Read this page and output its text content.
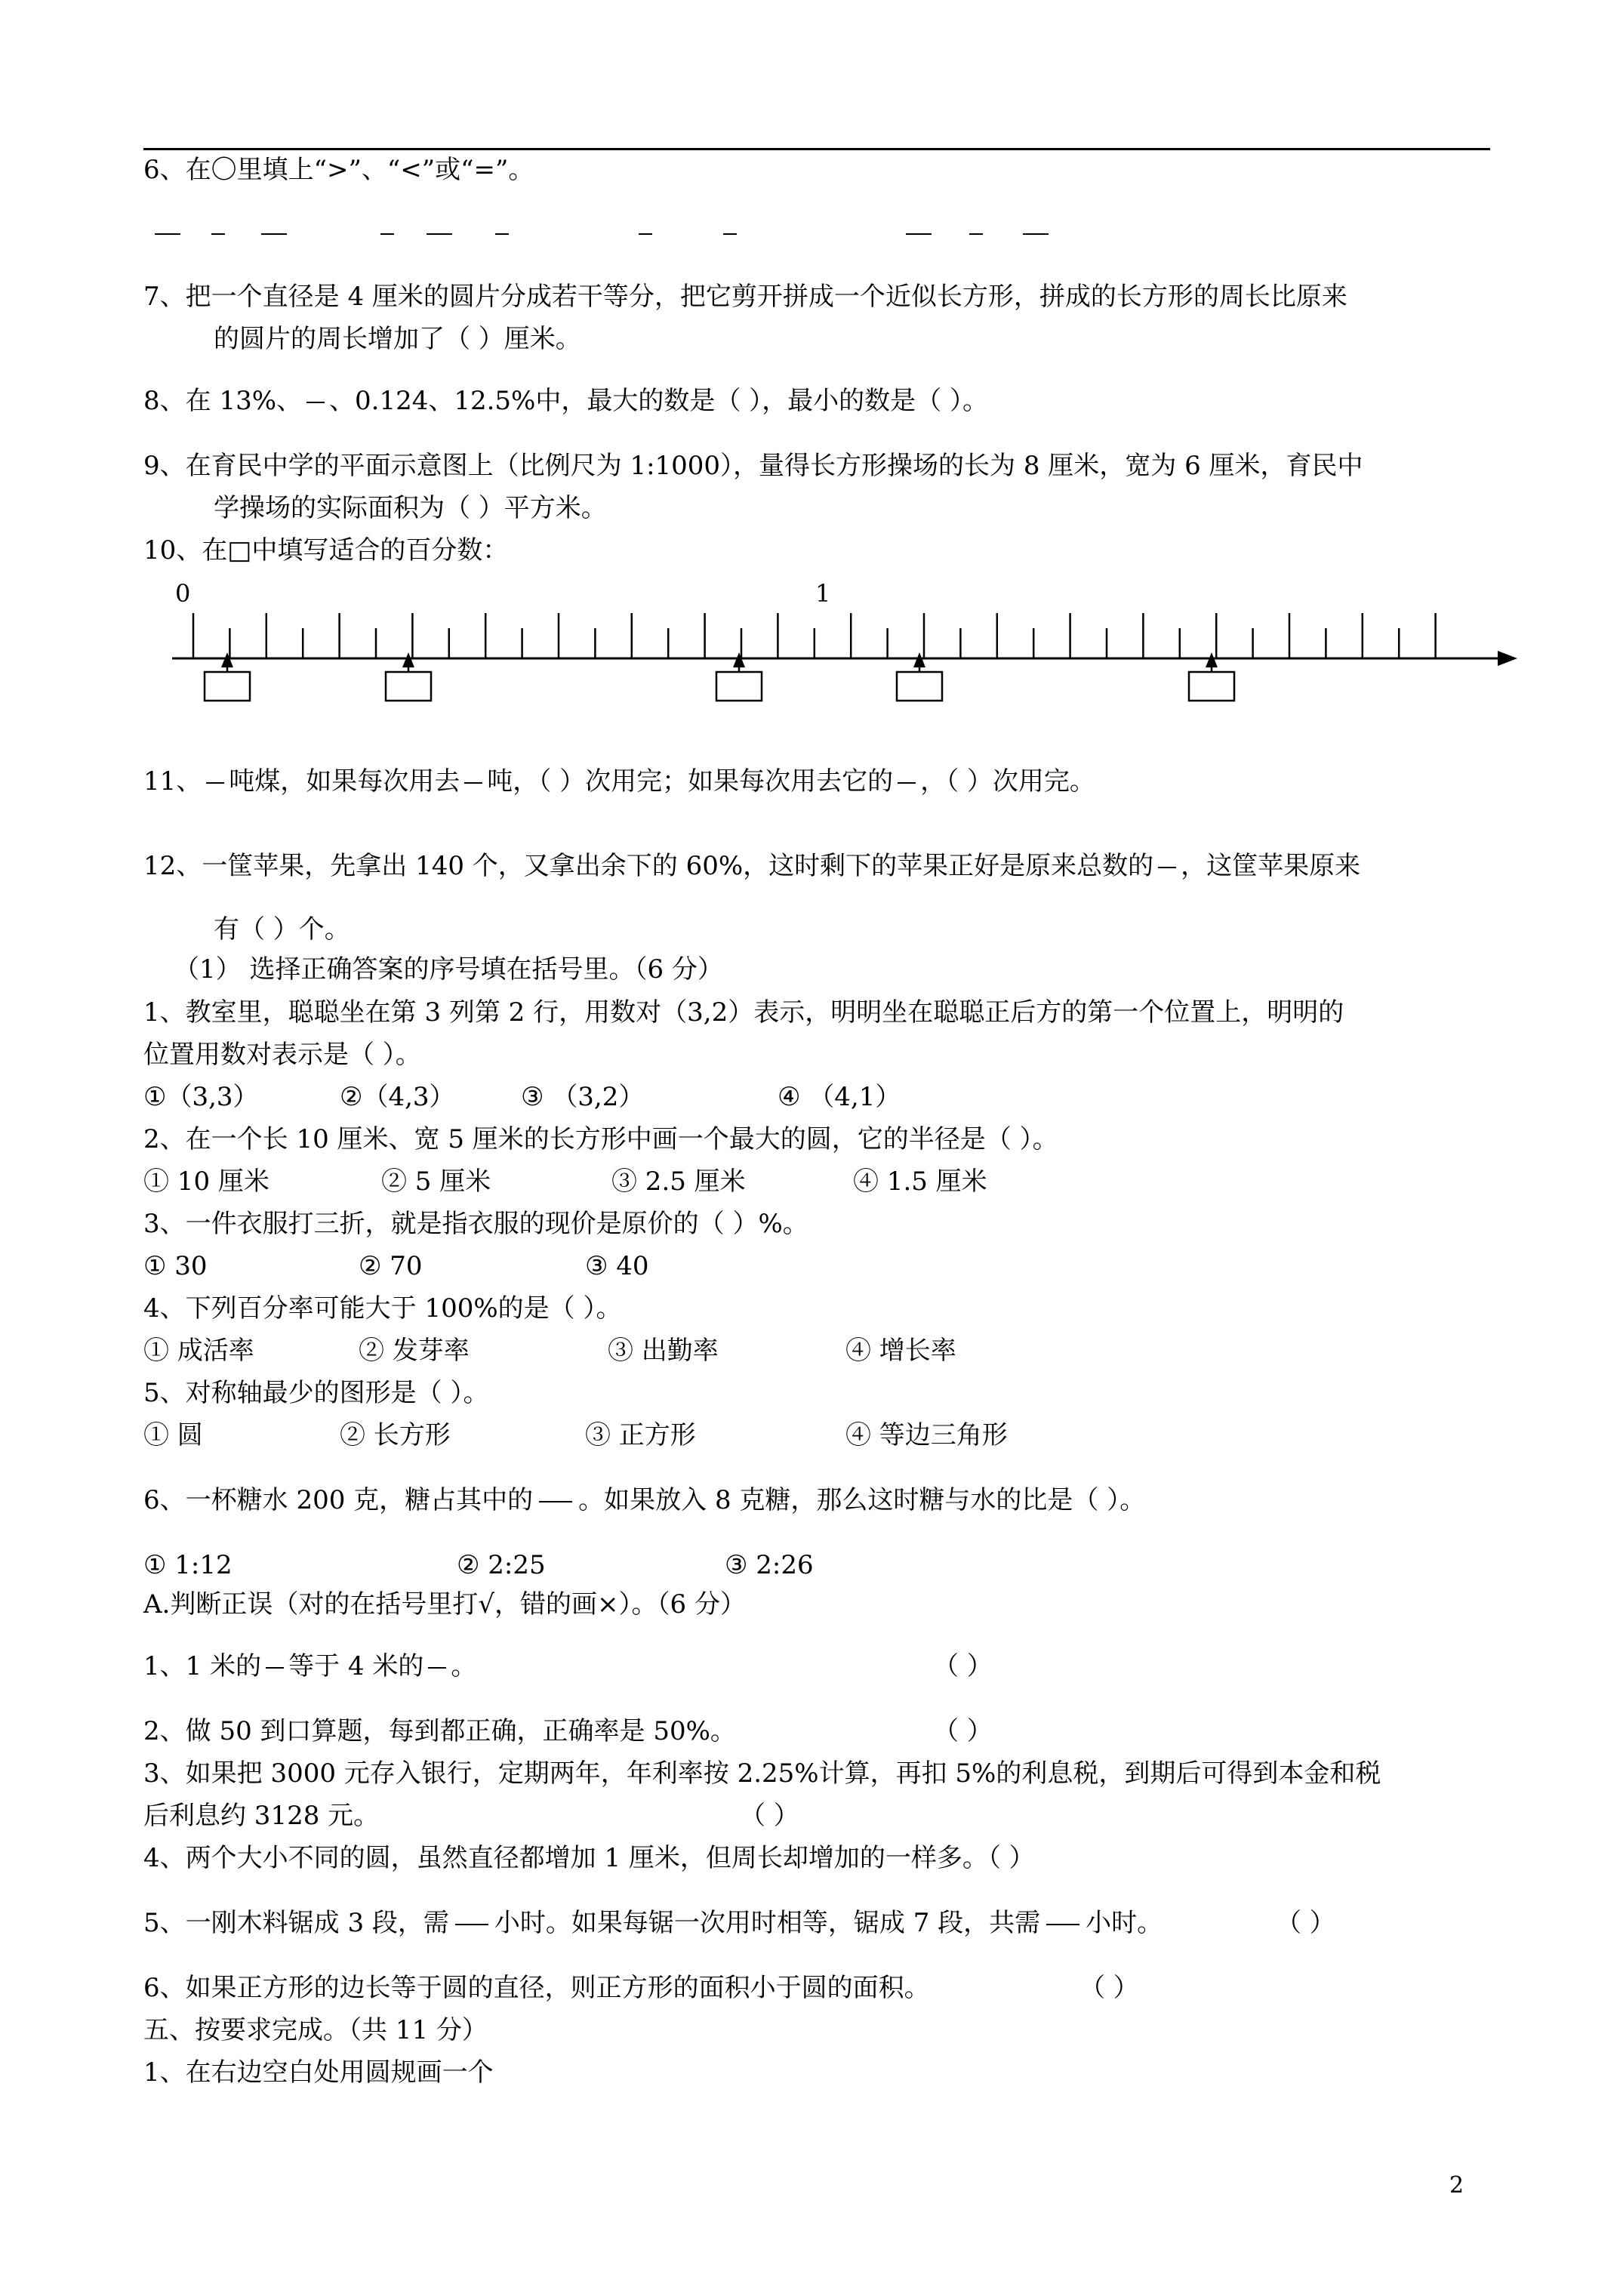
6、在〇里填上“>”、“<”或“=”。
7、把一个直径是 4 厘米的圆片分成若干等分，把它剪开拼成一个近似长方形，拼成的长方形的周长比原来
的圆片的周长增加了（ ）厘米。
8、在 13%、 、0.124、12.5%中，最大的数是（ ），最小的数是（ ）。
9、在育民中学的平面示意图上（比例尺为 1:1000），量得长方形操场的长为 8 厘米，宽为 6 厘米，育民中
学操场的实际面积为（ ）平方米。
10、在□中填写适合的百分数：
0	1
11、 吨煤，如果每次用去 吨，（ ）次用完；如果每次用去它的 ，（ ）次用完。
12、一筐苹果，先拿出 140 个，又拿出余下的 60%，这时剩下的苹果正好是原来总数的 ，这筐苹果原来
有（ ）个。
（1） 选择正确答案的序号填在括号里。（6 分）
1、教室里，聪聪坐在第 3 列第 2 行，用数对（3,2）表示，明明坐在聪聪正后方的第一个位置上，明明的
位置用数对表示是（ ）。
①（3,3）	②（4,3）	③ （3,2）	④ （4,1）
2、在一个长 10 厘米、宽 5 厘米的长方形中画一个最大的圆，它的半径是（ ）。
① 10 厘米	② 5 厘米	③ 2.5 厘米	④ 1.5 厘米
3、一件衣服打三折，就是指衣服的现价是原价的（ ）%。
① 30	② 70	③ 40
4、下列百分率可能大于 100%的是（ ）。
① 成活率	② 发芽率	③ 出勤率	④ 增长率
5、对称轴最少的图形是（ ）。
① 圆	② 长方形	③ 正方形	④ 等边三角形
6、一杯糖水 200 克，糖占其中的 。如果放入 8 克糖，那么这时糖与水的比是（ ）。
① 1:12	② 2:25	③ 2:26
A.判断正误（对的在括号里打√，错的画×）。（6 分）
1、1 米的 等于 4 米的 。	（ ）
2、做 50 到口算题，每到都正确，正确率是 50%。	（ ）
3、如果把 3000 元存入银行，定期两年，年利率按 2.25%计算，再扣 5%的利息税，到期后可得到本金和税
后利息约 3128 元。	（ ）
4、两个大小不同的圆，虽然直径都增加 1 厘米，但周长却增加的一样多。（ ）
5、一刚木料锯成 3 段，需 小时。如果每锯一次用时相等，锯成 7 段，共需 小时。	（ ）
6、如果正方形的边长等于圆的直径，则正方形的面积小于圆的面积。	（ ）
五、按要求完成。（共 11 分）
1、在右边空白处用圆规画一个
2
